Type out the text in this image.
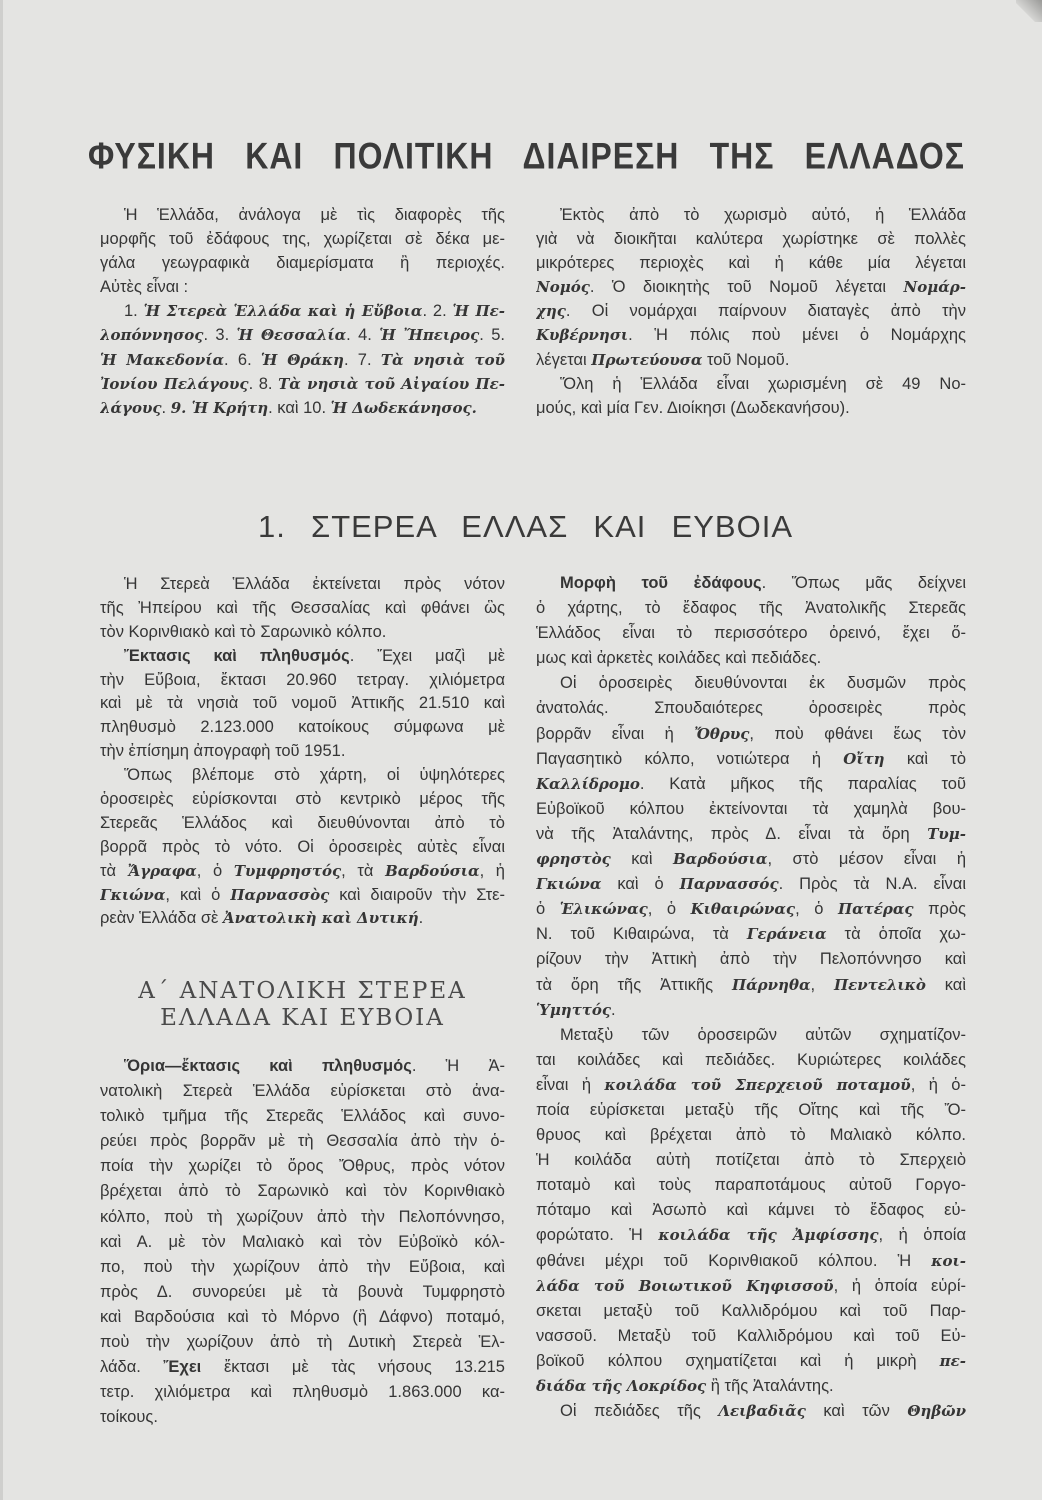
ΦΥΣΙΚΗ ΚΑΙ ΠΟΛΙΤΙΚΗ ΔΙΑΙΡΕΣΗ ΤΗΣ ΕΛΛΑΔΟΣ
Ἡ Ἑλλάδα, ἀνάλογα μὲ τὶς διαφορὲς τῆς
μορφῆς τοῦ ἐδάφους της, χωρίζεται σὲ δέκα με-
γάλα γεωγραφικὰ διαμερίσματα ἢ περιοχές.
Αὐτὲς εἶναι :
1. Ἡ Στερεὰ Ἑλλάδα καὶ ἡ Εὔβοια. 2. Ἡ Πε-
λοπόννησος. 3. Ἡ Θεσσαλία. 4. Ἡ Ἤπειρος. 5.
Ἡ Μακεδονία. 6. Ἡ Θράκη. 7. Τὰ νησιὰ τοῦ
Ἰονίου Πελάγους. 8. Τὰ νησιὰ τοῦ Αἰγαίου Πε-
λάγους. 9. Ἡ Κρήτη. καὶ 10. Ἡ Δωδεκάνησος.
Ἐκτὸς ἀπὸ τὸ χωρισμὸ αὐτό, ἡ Ἑλλάδα
γιὰ νὰ διοικῆται καλύτερα χωρίστηκε σὲ πολλὲς
μικρότερες περιοχὲς καὶ ἡ κάθε μία λέγεται
Νομός. Ὁ διοικητὴς τοῦ Νομοῦ λέγεται Νομάρ-
χης. Οἱ νομάρχαι παίρνουν διαταγὲς ἀπὸ τὴν
Κυβέρνησι. Ἡ πόλις ποὺ μένει ὁ Νομάρχης
λέγεται Πρωτεύουσα τοῦ Νομοῦ.
Ὅλη ἡ Ἑλλάδα εἶναι χωρισμένη σὲ 49 Νο-
μούς, καὶ μία Γεν. Διοίκησι (Δωδεκανήσου).
1. ΣΤΕΡΕΑ ΕΛΛΑΣ ΚΑΙ ΕΥΒΟΙΑ
Ἡ Στερεὰ Ἑλλάδα ἐκτείνεται πρὸς νότον
τῆς Ἠπείρου καὶ τῆς Θεσσαλίας καὶ φθάνει ὣς
τὸν Κορινθιακὸ καὶ τὸ Σαρωνικὸ κόλπο.
Ἔκτασις καὶ πληθυσμός. Ἔχει μαζὶ μὲ
τὴν Εὔβοια, ἔκτασι 20.960 τετραγ. χιλιόμετρα
καὶ μὲ τὰ νησιὰ τοῦ νομοῦ Ἀττικῆς 21.510 καὶ
πληθυσμὸ 2.123.000 κατοίκους σύμφωνα μὲ
τὴν ἐπίσημη ἀπογραφὴ τοῦ 1951.
Ὅπως βλέπομε στὸ χάρτη, οἱ ὑψηλότερες
ὁροσειρὲς εὑρίσκονται στὸ κεντρικὸ μέρος τῆς
Στερεᾶς Ἑλλάδος καὶ διευθύνονται ἀπὸ τὸ
βορρᾶ πρὸς τὸ νότο. Οἱ ὁροσειρὲς αὐτὲς εἶναι
τὰ Ἄγραφα, ὁ Τυμφρηστός, τὰ Βαρδούσια, ἡ
Γκιώνα, καὶ ὁ Παρνασσὸς καὶ διαιροῦν τὴν Στε-
ρεὰν Ἑλλάδα σὲ Ἀνατολικὴ καὶ Δυτική.
Α΄ ΑΝΑΤΟΛΙΚΗ ΣΤΕΡΕΑ
ΕΛΛΑΔΑ ΚΑΙ ΕΥΒΟΙΑ
Ὅρια—ἔκτασις καὶ πληθυσμός. Ἡ Ἀ-
νατολικὴ Στερεὰ Ἑλλάδα εὑρίσκεται στὸ ἀνα-
τολικὸ τμῆμα τῆς Στερεᾶς Ἑλλάδος καὶ συνο-
ρεύει πρὸς βορρᾶν μὲ τὴ Θεσσαλία ἀπὸ τὴν ὁ-
ποία τὴν χωρίζει τὸ ὄρος Ὄθρυς, πρὸς νότον
βρέχεται ἀπὸ τὸ Σαρωνικὸ καὶ τὸν Κορινθιακὸ
κόλπο, ποὺ τὴ χωρίζουν ἀπὸ τὴν Πελοπόννησο,
καὶ Α. μὲ τὸν Μαλιακὸ καὶ τὸν Εὐβοϊκὸ κόλ-
πο, ποὺ τὴν χωρίζουν ἀπὸ τὴν Εὔβοια, καὶ
πρὸς Δ. συνορεύει μὲ τὰ βουνὰ Τυμφρηστὸ
καὶ Βαρδούσια καὶ τὸ Μόρνο (ἢ Δάφνο) ποταμό,
ποὺ τὴν χωρίζουν ἀπὸ τὴ Δυτικὴ Στερεὰ Ἑλ-
λάδα. Ἔχει ἔκτασι μὲ τὰς νήσους 13.215
τετρ. χιλιόμετρα καὶ πληθυσμὸ 1.863.000 κα-
τοίκους.
Μορφὴ τοῦ ἐδάφους. Ὅπως μᾶς δείχνει
ὁ χάρτης, τὸ ἔδαφος τῆς Ἀνατολικῆς Στερεᾶς
Ἑλλάδος εἶναι τὸ περισσότερο ὀρεινό, ἔχει ὅ-
μως καὶ ἀρκετὲς κοιλάδες καὶ πεδιάδες.
Οἱ ὁροσειρὲς διευθύνονται ἐκ δυσμῶν πρὸς
ἀνατολάς. Σπουδαιότερες ὁροσειρὲς πρὸς
βορρᾶν εἶναι ἡ Ὄθρυς, ποὺ φθάνει ἕως τὸν
Παγασητικὸ κόλπο, νοτιώτερα ἡ Οἴτη καὶ τὸ
Καλλίδρομο. Κατὰ μῆκος τῆς παραλίας τοῦ
Εὐβοϊκοῦ κόλπου ἐκτείνονται τὰ χαμηλὰ βου-
νὰ τῆς Ἀταλάντης, πρὸς Δ. εἶναι τὰ ὄρη Τυμ-
φρηστὸς καὶ Βαρδούσια, στὸ μέσον εἶναι ἡ
Γκιώνα καὶ ὁ Παρνασσός. Πρὸς τὰ Ν.Α. εἶναι
ὁ Ἑλικώνας, ὁ Κιθαιρώνας, ὁ Πατέρας πρὸς
Ν. τοῦ Κιθαιρώνα, τὰ Γεράνεια τὰ ὁποῖα χω-
ρίζουν τὴν Ἀττικὴ ἀπὸ τὴν Πελοπόννησο καὶ
τὰ ὄρη τῆς Ἀττικῆς Πάρνηθα, Πεντελικὸ καὶ
Ὑμηττός.
Μεταξὺ τῶν ὁροσειρῶν αὐτῶν σχηματίζον-
ται κοιλάδες καὶ πεδιάδες. Κυριώτερες κοιλάδες
εἶναι ἡ κοιλάδα τοῦ Σπερχειοῦ ποταμοῦ, ἡ ὁ-
ποία εὑρίσκεται μεταξὺ τῆς Οἴτης καὶ τῆς Ὄ-
θρυος καὶ βρέχεται ἀπὸ τὸ Μαλιακὸ κόλπο.
Ἡ κοιλάδα αὐτὴ ποτίζεται ἀπὸ τὸ Σπερχειὸ
ποταμὸ καὶ τοὺς παραποτάμους αὐτοῦ Γοργο-
πόταμο καὶ Ἀσωπὸ καὶ κάμνει τὸ ἔδαφος εὐ-
φορώτατο. Ἡ κοιλάδα τῆς Ἀμφίσσης, ἡ ὁποία
φθάνει μέχρι τοῦ Κορινθιακοῦ κόλπου. Ἡ κοι-
λάδα τοῦ Βοιωτικοῦ Κηφισσοῦ, ἡ ὁποία εὑρί-
σκεται μεταξὺ τοῦ Καλλιδρόμου καὶ τοῦ Παρ-
νασσοῦ. Μεταξὺ τοῦ Καλλιδρόμου καὶ τοῦ Εὐ-
βοϊκοῦ κόλπου σχηματίζεται καὶ ἡ μικρὴ πε-
διάδα τῆς Λοκρίδος ἢ τῆς Ἀταλάντης.
Οἱ πεδιάδες τῆς Λειβαδιᾶς καὶ τῶν Θηβῶν
